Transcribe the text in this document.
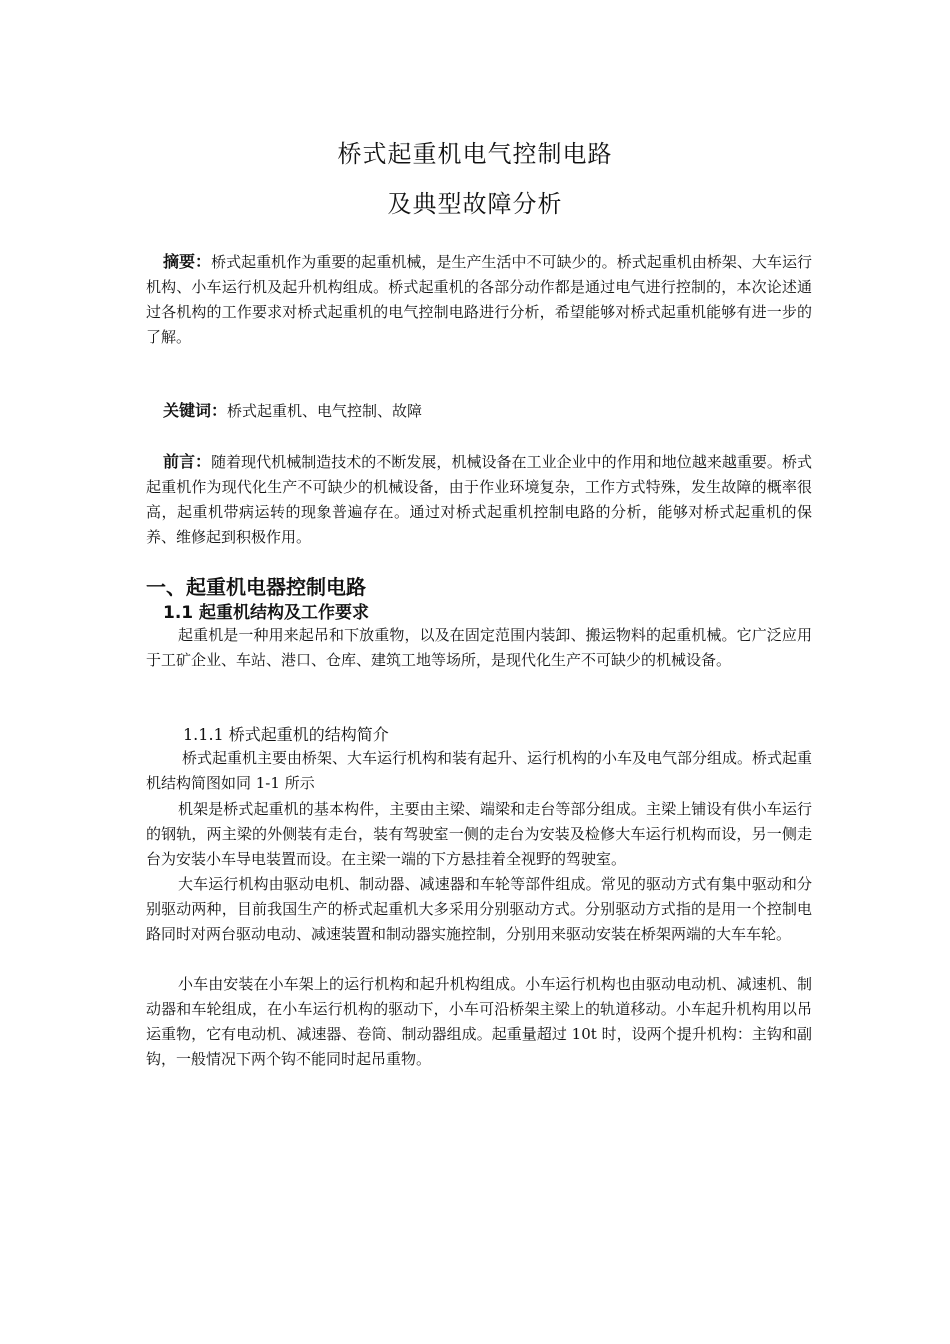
桥式起重机电气控制电路
及典型故障分析
摘要：桥式起重机作为重要的起重机械，是生产生活中不可缺少的。桥式起重机由桥架、大车运行机构、小车运行机及起升机构组成。桥式起重机的各部分动作都是通过电气进行控制的，本次论述通过各机构的工作要求对桥式起重机的电气控制电路进行分析，希望能够对桥式起重机能够有进一步的了解。
关键词：桥式起重机、电气控制、故障
前言：随着现代机械制造技术的不断发展，机械设备在工业企业中的作用和地位越来越重要。桥式起重机作为现代化生产不可缺少的机械设备，由于作业环境复杂，工作方式特殊，发生故障的概率很高，起重机带病运转的现象普遍存在。通过对桥式起重机控制电路的分析，能够对桥式起重机的保养、维修起到积极作用。
一、起重机电器控制电路
1.1 起重机结构及工作要求
起重机是一种用来起吊和下放重物，以及在固定范围内装卸、搬运物料的起重机械。它广泛应用于工矿企业、车站、港口、仓库、建筑工地等场所，是现代化生产不可缺少的机械设备。
1.1.1 桥式起重机的结构简介
桥式起重机主要由桥架、大车运行机构和装有起升、运行机构的小车及电气部分组成。桥式起重机结构简图如同 1-1 所示
机架是桥式起重机的基本构件，主要由主梁、端梁和走台等部分组成。主梁上铺设有供小车运行的钢轨，两主梁的外侧装有走台，装有驾驶室一侧的走台为安装及检修大车运行机构而设，另一侧走台为安装小车导电装置而设。在主梁一端的下方悬挂着全视野的驾驶室。
大车运行机构由驱动电机、制动器、减速器和车轮等部件组成。常见的驱动方式有集中驱动和分别驱动两种，目前我国生产的桥式起重机大多采用分别驱动方式。分别驱动方式指的是用一个控制电路同时对两台驱动电动、减速装置和制动器实施控制，分别用来驱动安装在桥架两端的大车车轮。
小车由安装在小车架上的运行机构和起升机构组成。小车运行机构也由驱动电动机、减速机、制动器和车轮组成，在小车运行机构的驱动下，小车可沿桥架主梁上的轨道移动。小车起升机构用以吊运重物，它有电动机、减速器、卷筒、制动器组成。起重量超过 10t 时，设两个提升机构：主钩和副钩，一般情况下两个钩不能同时起吊重物。
